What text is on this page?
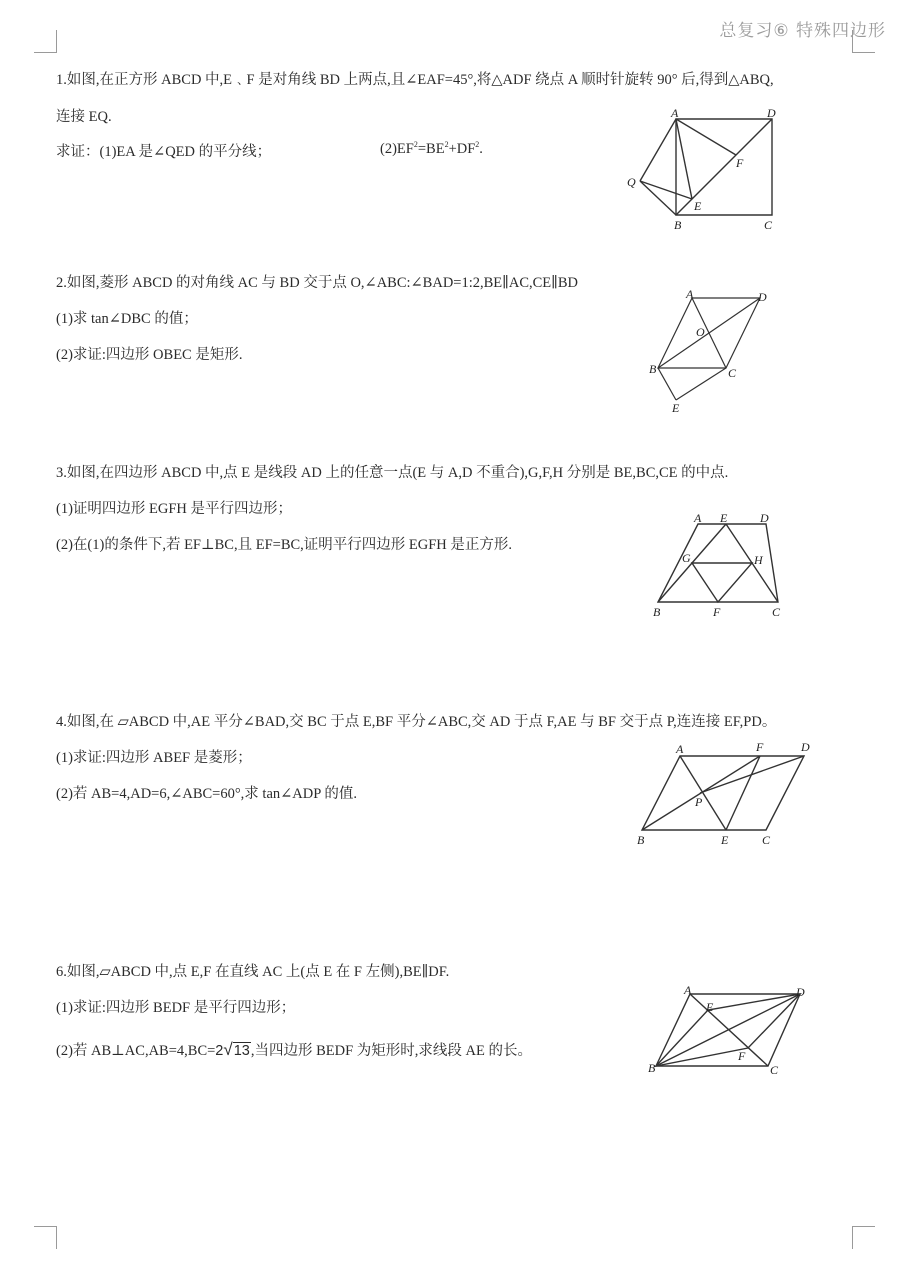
总复习⑥ 特殊四边形
1.如图,在正方形 ABCD 中,E﹑F 是对角线 BD 上两点,且∠EAF=45°,将△ADF 绕点 A 顺时针旋转 90° 后,得到△ABQ,
连接 EQ.
求证：(1)EA 是∠QED 的平分线；	$(2)EF^2=BE^2+DF^2$.
A	D
F
Q
E
B	C
2.如图,菱形 ABCD 的对角线 AC 与 BD 交于点 O,∠ABC:∠BAD=1:2,BE∥AC,CE∥BD
(1)求 tan∠DBC 的值；
(2)求证:四边形 OBEC 是矩形.
A	D
O
B	C
E
3.如图,在四边形 ABCD 中,点 E 是线段 AD 上的任意一点(E 与 A,D 不重合),G,F,H 分别是 BE,BC,CE 的中点.
(1)证明四边形 EGFH 是平行四边形；
(2)在(1)的条件下,若 EF⊥BC,且 EF=BC,证明平行四边形 EGFH 是正方形.
A E	D
G	H
B	F	C
4.如图,在 ▱ABCD 中,AE 平分∠BAD,交 BC 于点 E,BF 平分∠ABC,交 AD 于点 F,AE 与 BF 交于点 P,连连接 EF,PD。
(1)求证:四边形 ABEF 是菱形；
(2)若 AB=4,AD=6,∠ABC=60°,求 tan∠ADP 的值.
A	F	D
P
B	E	C
6.如图,▱ABCD 中,点 E,F 在直线 AC 上(点 E 在 F 左侧),BE∥DF.
(1)求证:四边形 BEDF 是平行四边形；
(2)若 AB⊥AC,AB=4,BC=2√13,当四边形 BEDF 为矩形时,求线段 AE 的长。
A
E
D
F
B	C
